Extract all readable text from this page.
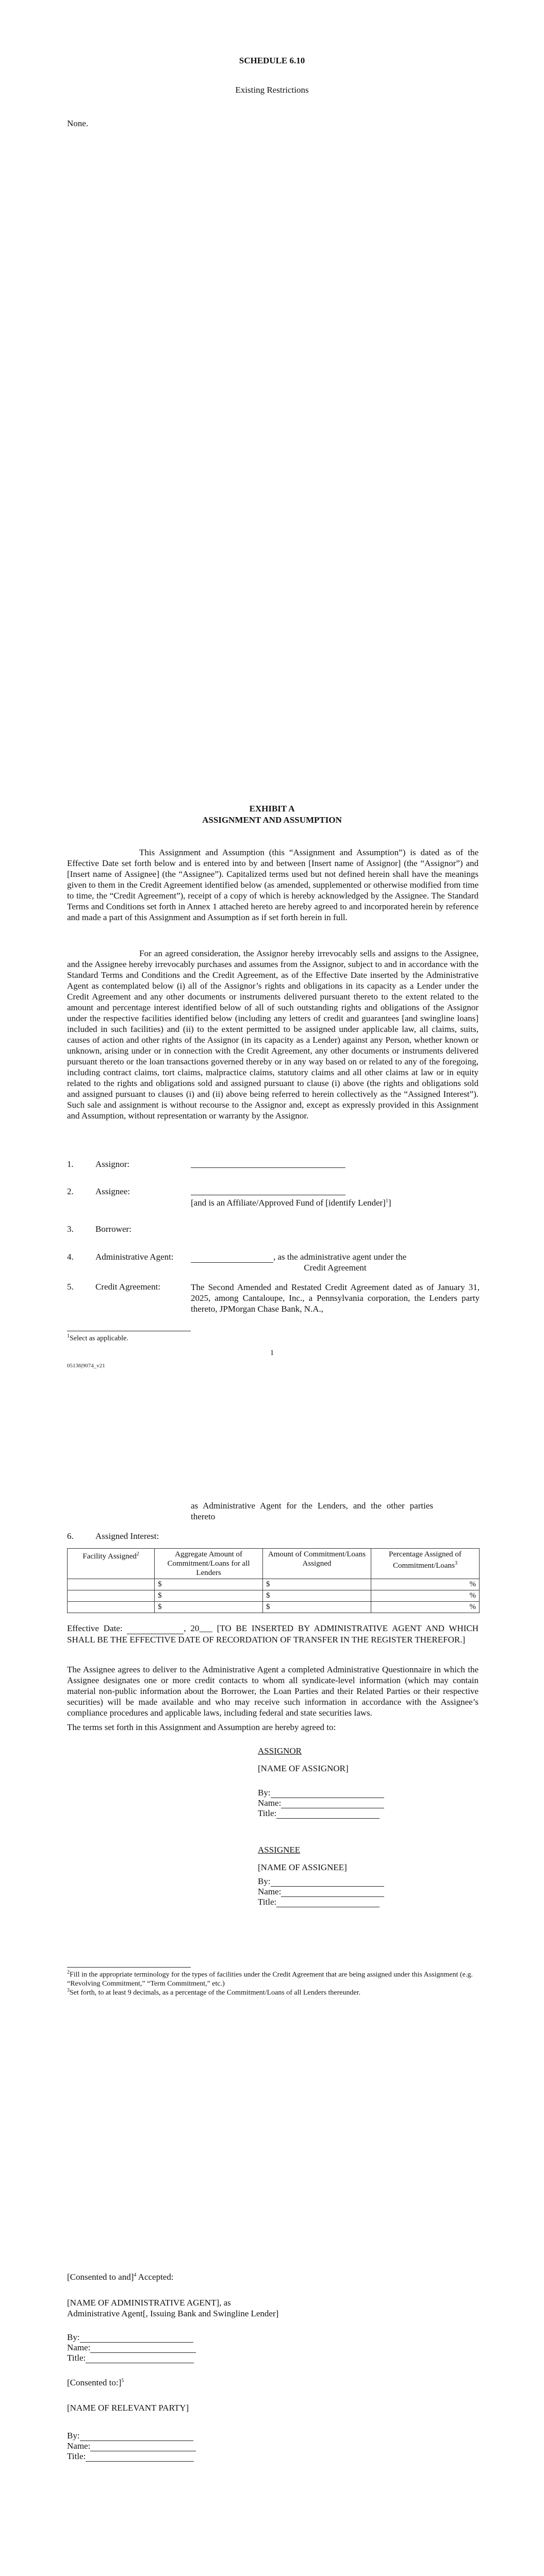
SCHEDULE 6.10
Existing Restrictions
None.
EXHIBIT A
ASSIGNMENT AND ASSUMPTION

This Assignment and Assumption (this “Assignment and Assumption”) is dated as of the Effective Date set forth below and is entered into by and between [Insert name of Assignor] (the “Assignor”) and [Insert name of Assignee] (the “Assignee”). Capitalized terms used but not defined herein shall have the meanings given to them in the Credit Agreement identified below (as amended, supplemented or otherwise modified from time to time, the “Credit Agreement”), receipt of a copy of which is hereby acknowledged by the Assignee. The Standard Terms and Conditions set forth in Annex 1 attached hereto are hereby agreed to and incorporated herein by reference and made a part of this Assignment and Assumption as if set forth herein in full.

For an agreed consideration, the Assignor hereby irrevocably sells and assigns to the Assignee, and the Assignee hereby irrevocably purchases and assumes from the Assignor, subject to and in accordance with the Standard Terms and Conditions and the Credit Agreement, as of the Effective Date inserted by the Administrative Agent as contemplated below (i) all of the Assignor’s rights and obligations in its capacity as a Lender under the Credit Agreement and any other documents or instruments delivered pursuant thereto to the extent related to the amount and percentage interest identified below of all of such outstanding rights and obligations of the Assignor under the respective facilities identified below (including any letters of credit and guarantees [and swingline loans] included in such facilities) and (ii) to the extent permitted to be assigned under applicable law, all claims, suits, causes of action and other rights of the Assignor (in its capacity as a Lender) against any Person, whether known or unknown, arising under or in connection with the Credit Agreement, any other documents or instruments delivered pursuant thereto or the loan transactions governed thereby or in any way based on or related to any of the foregoing, including contract claims, tort claims, malpractice claims, statutory claims and all other claims at law or in equity related to the rights and obligations sold and assigned pursuant to clause (i) above (the rights and obligations sold and assigned pursuant to clauses (i) and (ii) above being referred to herein collectively as the “Assigned Interest”). Such sale and assignment is without recourse to the Assignor and, except as expressly provided in this Assignment and Assumption, without representation or warranty by the Assignor.

1. Assignor:
2. Assignee:
[and is an Affiliate/Approved Fund of [identify Lender]$^1$]
3. Borrower:
4. Administrative Agent:	, as the administrative agent under the
Credit Agreement
5. Credit Agreement:	The Second Amended and Restated Credit Agreement dated as of January 31, 2025, among Cantaloupe, Inc., a Pennsylvania corporation, the Lenders party thereto, JPMorgan Chase Bank, N.A.,

$^1$Select as applicable.
1
05136|9074_v21

as Administrative Agent for the Lenders, and the other parties thereto

6. Assigned Interest:
Facility Assigned$^2$	Aggregate Amount of Commitment/Loans for all Lenders	Amount of Commitment/Loans Assigned	Percentage Assigned of Commitment/Loans$^3$
	$	$	%
	$	$	%
	$	$	%

Effective Date:	, 20___ [TO BE INSERTED BY ADMINISTRATIVE AGENT AND WHICH SHALL BE THE EFFECTIVE DATE OF RECORDATION OF TRANSFER IN THE REGISTER THEREFOR.]

The Assignee agrees to deliver to the Administrative Agent a completed Administrative Questionnaire in which the Assignee designates one or more credit contacts to whom all syndicate-level information (which may contain material non-public information about the Borrower, the Loan Parties and their Related Parties or their respective securities) will be made available and who may receive such information in accordance with the Assignee’s compliance procedures and applicable laws, including federal and state securities laws.

The terms set forth in this Assignment and Assumption are hereby agreed to:

ASSIGNOR
[NAME OF ASSIGNOR]
By:
Name:
Title:
ASSIGNEE
[NAME OF ASSIGNEE]
By:
Name:
Title:
$^2$Fill in the appropriate terminology for the types of facilities under the Credit Agreement that are being assigned under this Assignment (e.g. “Revolving Commitment,” “Term Commitment,” etc.)
$^3$Set forth, to at least 9 decimals, as a percentage of the Commitment/Loans of all Lenders thereunder.
[Consented to and]$^4$ Accepted:
[NAME OF ADMINISTRATIVE AGENT], as
Administrative Agent[, Issuing Bank and Swingline Lender]
By:
Name:
Title:
[Consented to:]$^5$
[NAME OF RELEVANT PARTY]
By:
Name:
Title:
